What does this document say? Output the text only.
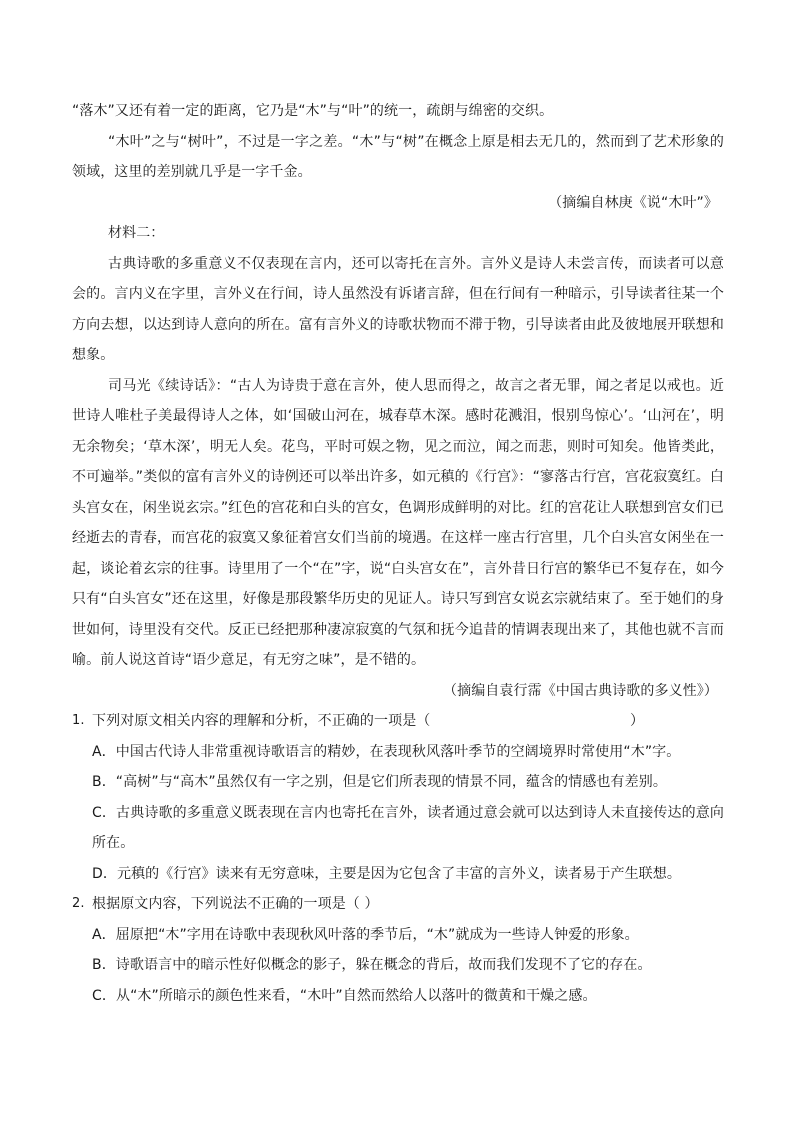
“落木”又还有着一定的距离，它乃是“木”与“叶”的统一，疏朗与绵密的交织。

“木叶”之与“树叶”，不过是一字之差。“木”与“树”在概念上原是相去无几的，然而到了艺术形象的领域，这里的差别就几乎是一字千金。

（摘编自林庚《说“木叶”》

材料二：

古典诗歌的多重意义不仅表现在言内，还可以寄托在言外。言外义是诗人未尝言传，而读者可以意会的。言内义在字里，言外义在行间，诗人虽然没有诉诸言辞，但在行间有一种暗示，引导读者往某一个方向去想，以达到诗人意向的所在。富有言外义的诗歌状物而不滞于物，引导读者由此及彼地展开联想和想象。

司马光《续诗话》：“古人为诗贵于意在言外，使人思而得之，故言之者无罪，闻之者足以戒也。近世诗人唯杜子美最得诗人之体，如‘国破山河在，城春草木深。感时花溅泪，恨别鸟惊心’。‘山河在’，明无余物矣；‘草木深’，明无人矣。花鸟，平时可娱之物，见之而泣，闻之而悲，则时可知矣。他皆类此，不可遍举。”类似的富有言外义的诗例还可以举出许多，如元稹的《行宫》：“寥落古行宫，宫花寂寞红。白头宫女在，闲坐说玄宗。”红色的宫花和白头的宫女，色调形成鲜明的对比。红的宫花让人联想到宫女们已经逝去的青春，而宫花的寂寞又象征着宫女们当前的境遇。在这样一座古行宫里，几个白头宫女闲坐在一起，谈论着玄宗的往事。诗里用了一个“在”字，说“白头宫女在”，言外昔日行宫的繁华已不复存在，如今只有“白头宫女”还在这里，好像是那段繁华历史的见证人。诗只写到宫女说玄宗就结束了。至于她们的身世如何，诗里没有交代。反正已经把那种凄凉寂寞的气氛和抚今追昔的情调表现出来了，其他也就不言而喻。前人说这首诗“语少意足，有无穷之味”，是不错的。

（摘编自袁行霈《中国古典诗歌的多义性》）

1. 下列对原文相关内容的理解和分析，不正确的一项是（	）

A．中国古代诗人非常重视诗歌语言的精妙，在表现秋风落叶季节的空阔境界时常使用“木”字。

B．“高树”与“高木”虽然仅有一字之别，但是它们所表现的情景不同，蕴含的情感也有差别。

C．古典诗歌的多重意义既表现在言内也寄托在言外，读者通过意会就可以达到诗人未直接传达的意向所在。

D．元稹的《行宫》读来有无穷意味，主要是因为它包含了丰富的言外义，读者易于产生联想。

2. 根据原文内容，下列说法不正确的一项是（ ）

A．屈原把“木”字用在诗歌中表现秋风叶落的季节后，“木”就成为一些诗人钟爱的形象。

B．诗歌语言中的暗示性好似概念的影子，躲在概念的背后，故而我们发现不了它的存在。

C．从“木”所暗示的颜色性来看，“木叶”自然而然给人以落叶的微黄和干燥之感。
